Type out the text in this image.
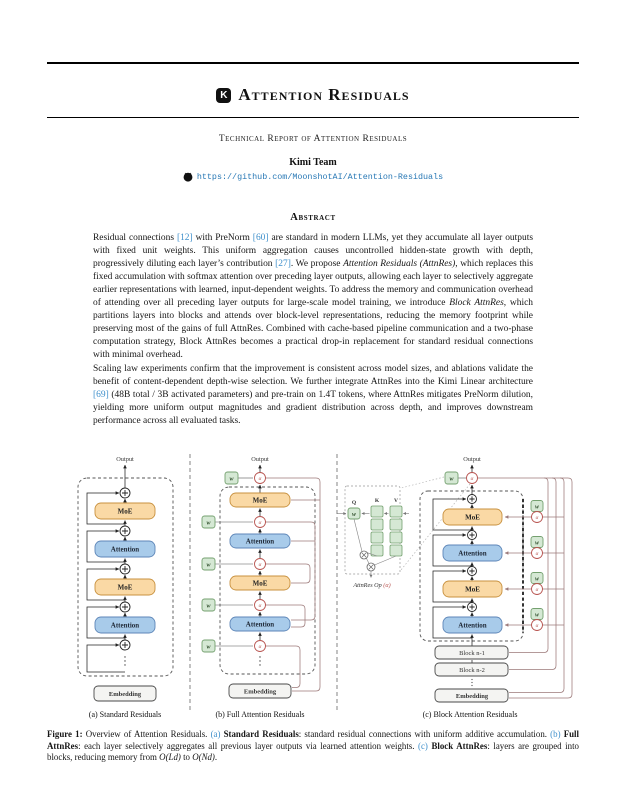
K Attention Residuals
Technical Report of Attention Residuals
Kimi Team
https://github.com/MoonshotAI/Attention-Residuals
Abstract

Residual connections [12] with PreNorm [60] are standard in modern LLMs, yet they accumulate all layer outputs with fixed unit weights. This uniform aggregation causes uncontrolled hidden-state growth with depth, progressively diluting each layer’s contribution [27]. We propose Attention Residuals (AttnRes), which replaces this fixed accumulation with softmax attention over preceding layer outputs, allowing each layer to selectively aggregate earlier representations with learned, input-dependent weights. To address the memory and communication overhead of attending over all preceding layer outputs for large-scale model training, we introduce Block AttnRes, which partitions layers into blocks and attends over block-level representations, reducing the memory footprint while preserving most of the gains of full AttnRes. Combined with cache-based pipeline communication and a two-phase computation strategy, Block AttnRes becomes a practical drop-in replacement for standard residual connections with minimal overhead.

Scaling law experiments confirm that the improvement is consistent across model sizes, and ablations validate the benefit of content-dependent depth-wise selection. We further integrate AttnRes into the Kimi Linear architecture [69] (48B total / 3B activated parameters) and pre-train on 1.4T tokens, where AttnRes mitigates PreNorm dilution, yielding more uniform output magnitudes and gradient distribution across depth, and improves downstream performance across all evaluated tasks.

Output
MoE
Attention
MoE
Attention
Embedding
(a) Standard Residuals
Output
w
w
w
w
w
α
α
α
α
α
MoE
Attention
MoE
Attention
Embedding
(b) Full Attention Residuals
Output
Q	K	V
w
AttnRes Op (α)
MoE
Attention
MoE
Attention
w	α
w
w
w
w
α
α
α
α
Block n-1
Block n-2
Embedding
(c) Block Attention Residuals
Figure 1: Overview of Attention Residuals. (a) Standard Residuals: standard residual connections with uniform additive accumulation. (b) Full AttnRes: each layer selectively aggregates all previous layer outputs via learned attention weights. (c) Block AttnRes: layers are grouped into blocks, reducing memory from O(Ld) to O(Nd).
